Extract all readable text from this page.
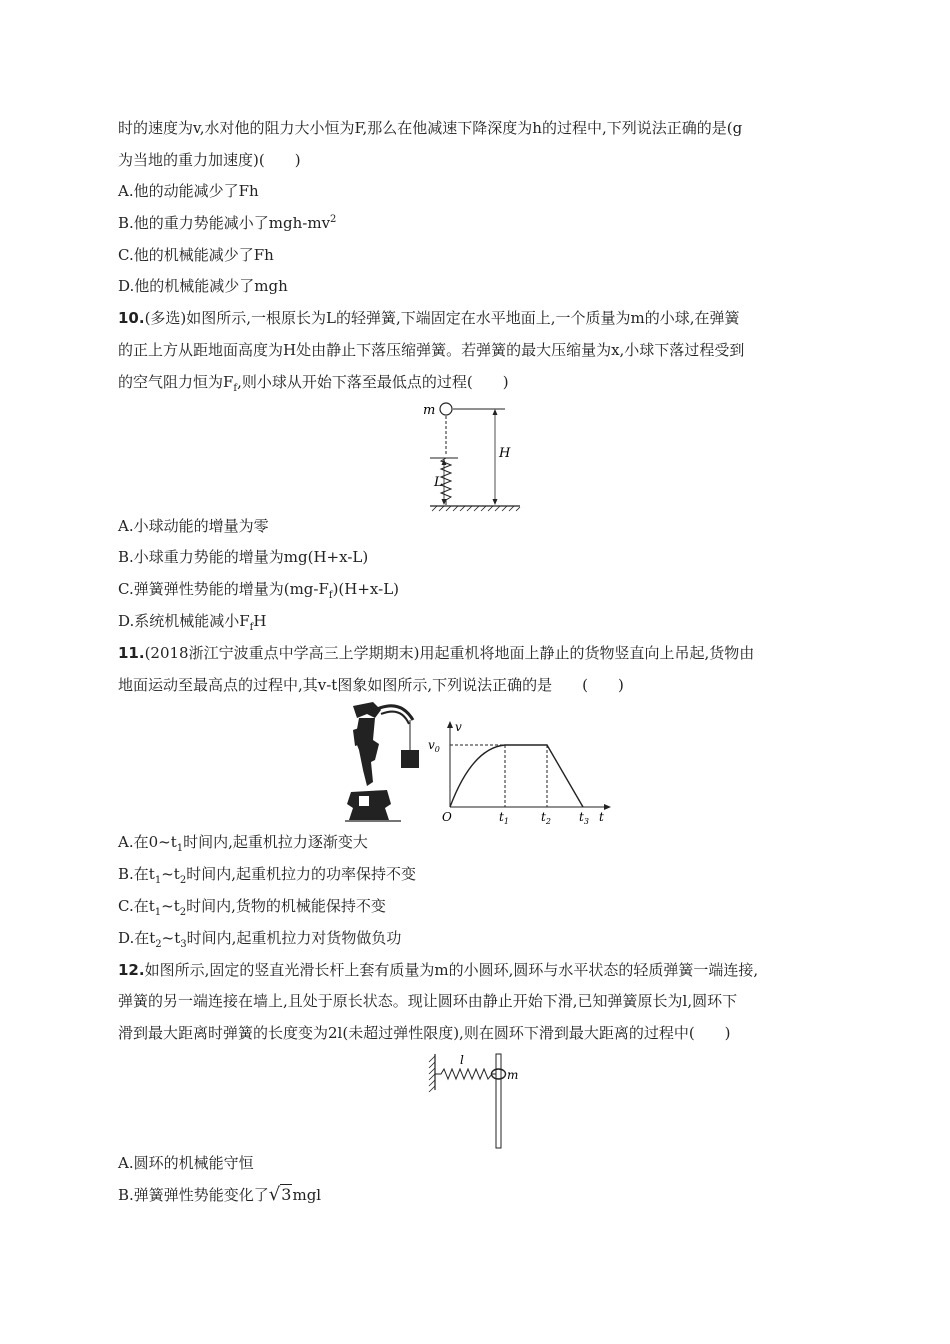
时的速度为v,水对他的阻力大小恒为F,那么在他减速下降深度为h的过程中,下列说法正确的是(g
为当地的重力加速度)(　　)
A.他的动能减少了Fh
B.他的重力势能减小了mgh-$mv^2$
C.他的机械能减少了Fh
D.他的机械能减少了mgh
10.(多选)如图所示,一根原长为L的轻弹簧,下端固定在水平地面上,一个质量为m的小球,在弹簧
的正上方从距地面高度为H处由静止下落压缩弹簧。若弹簧的最大压缩量为x,小球下落过程受到
的空气阻力恒为$F_f$,则小球从开始下落至最低点的过程(　　)
m
L
H
A.小球动能的增量为零
B.小球重力势能的增量为mg(H+x-L)
C.弹簧弹性势能的增量为$(mg-F_f)(H+x-L)$
D.系统机械能减小$F_fH$
11.(2018浙江宁波重点中学高三上学期期末)用起重机将地面上静止的货物竖直向上吊起,货物由
地面运动至最高点的过程中,其v-t图象如图所示,下列说法正确的是　　(　　)
v
$v_0$
O	$t_1$	$t_2$ $t_3$ t
A.在$0\sim t_1$时间内,起重机拉力逐渐变大
B.在$t_1\sim t_2$时间内,起重机拉力的功率保持不变
C.在$t_1\sim t_2$时间内,货物的机械能保持不变
D.在$t_2\sim t_3$时间内,起重机拉力对货物做负功
12.如图所示,固定的竖直光滑长杆上套有质量为m的小圆环,圆环与水平状态的轻质弹簧一端连接,
弹簧的另一端连接在墙上,且处于原长状态。现让圆环由静止开始下滑,已知弹簧原长为l,圆环下
滑到最大距离时弹簧的长度变为2l(未超过弹性限度),则在圆环下滑到最大距离的过程中(　　)
l
m
A.圆环的机械能守恒
B.弹簧弹性势能变化了√3mgl
